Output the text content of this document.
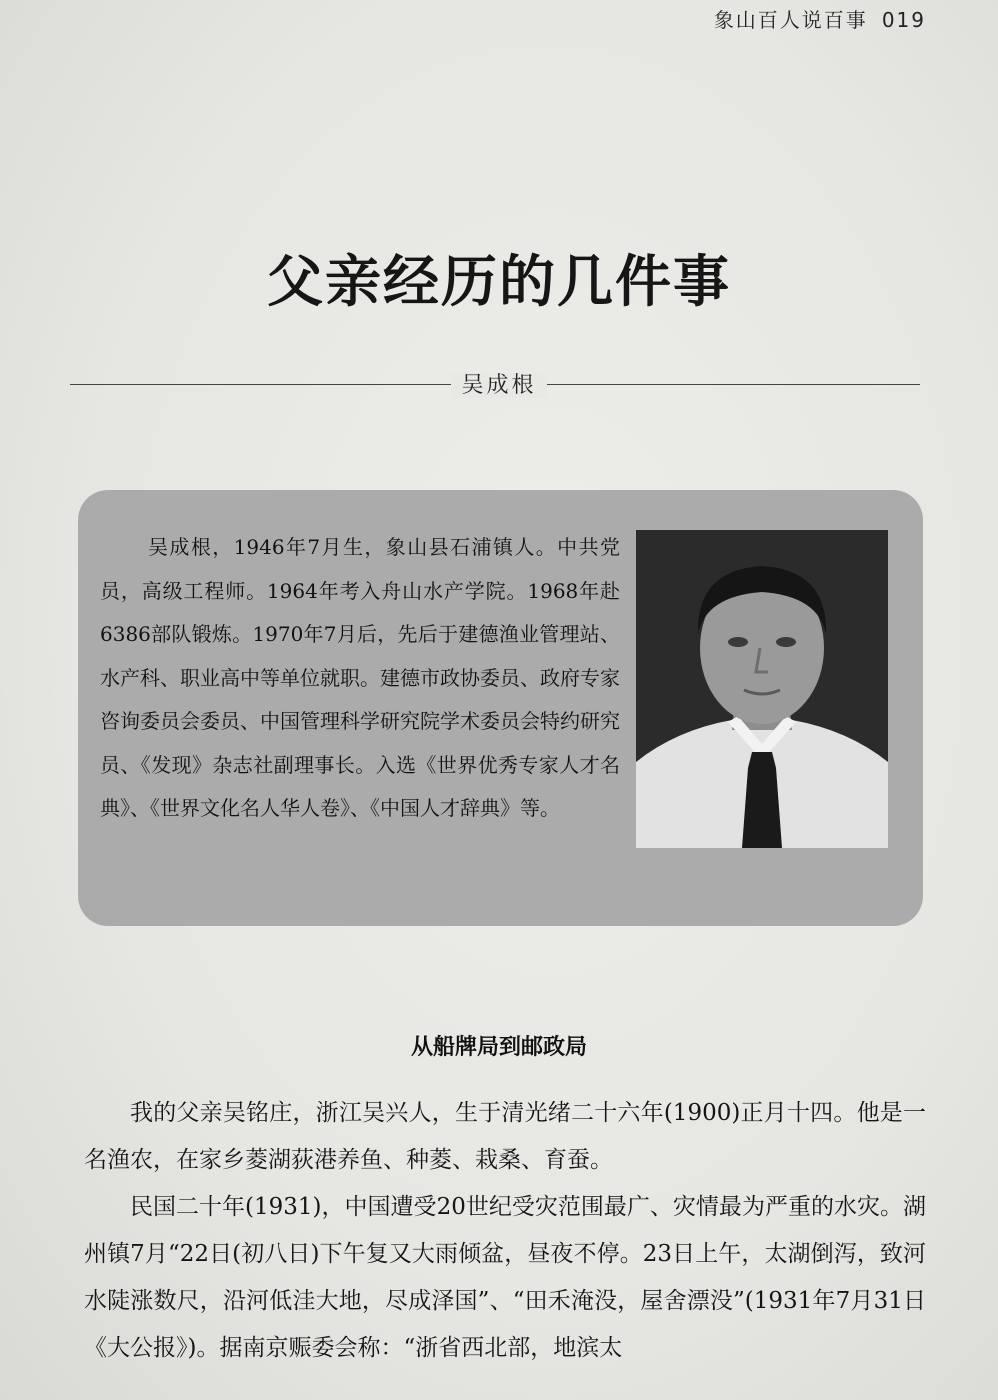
象山百人说百事 019
父亲经历的几件事
吴成根
吴成根，1946年7月生，象山县石浦镇人。中共党员，高级工程师。1964年考入舟山水产学院。1968年赴6386部队锻炼。1970年7月后，先后于建德渔业管理站、水产科、职业高中等单位就职。建德市政协委员、政府专家咨询委员会委员、中国管理科学研究院学术委员会特约研究员、《发现》杂志社副理事长。入选《世界优秀专家人才名典》、《世界文化名人华人卷》、《中国人才辞典》等。
从船牌局到邮政局

我的父亲吴铭庄，浙江吴兴人，生于清光绪二十六年(1900)正月十四。他是一名渔农，在家乡菱湖荻港养鱼、种菱、栽桑、育蚕。

民国二十年(1931)，中国遭受20世纪受灾范围最广、灾情最为严重的水灾。湖州镇7月“22日(初八日)下午复又大雨倾盆，昼夜不停。23日上午，太湖倒泻，致河水陡涨数尺，沿河低洼大地，尽成泽国”、“田禾淹没，屋舍漂没”(1931年7月31日《大公报》)。据南京赈委会称：“浙省西北部，地滨太
